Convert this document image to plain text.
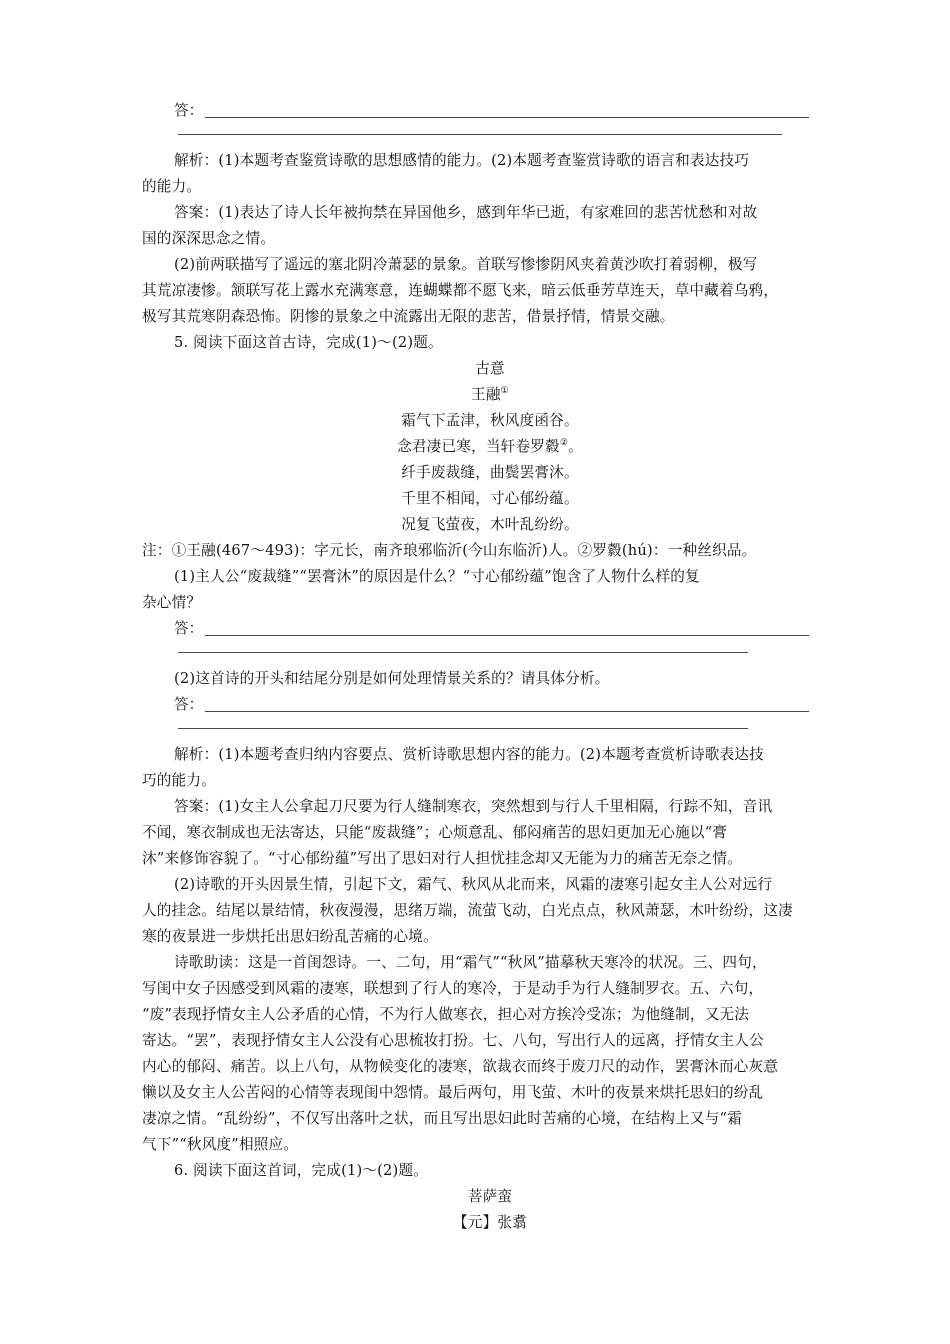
答：
解析：(1)本题考查鉴赏诗歌的思想感情的能力。(2)本题考查鉴赏诗歌的语言和表达技巧
的能力。
答案：(1)表达了诗人长年被拘禁在异国他乡，感到年华已逝，有家难回的悲苦忧愁和对故
国的深深思念之情。
(2)前两联描写了遥远的塞北阴冷萧瑟的景象。首联写惨惨阴风夹着黄沙吹打着弱柳，极写
其荒凉凄惨。颔联写花上露水充满寒意，连蝴蝶都不愿飞来，暗云低垂芳草连天，草中藏着乌鸦，
极写其荒寒阴森恐怖。阴惨的景象之中流露出无限的悲苦，借景抒情，情景交融。
5. 阅读下面这首古诗，完成(1)～(2)题。
古意
王融①
霜气下孟津，秋风度函谷。
念君凄已寒，当轩卷罗縠②。
纤手废裁缝，曲鬓罢膏沐。
千里不相闻，寸心郁纷蕴。
况复飞萤夜，木叶乱纷纷。
注：①王融(467～493)：字元长，南齐琅邪临沂(今山东临沂)人。②罗縠(hú)：一种丝织品。
(1)主人公“废裁缝”“罢膏沐”的原因是什么？“寸心郁纷蕴”饱含了人物什么样的复
杂心情？
答：
(2)这首诗的开头和结尾分别是如何处理情景关系的？请具体分析。
答：
解析：(1)本题考查归纳内容要点、赏析诗歌思想内容的能力。(2)本题考查赏析诗歌表达技
巧的能力。
答案：(1)女主人公拿起刀尺要为行人缝制寒衣，突然想到与行人千里相隔，行踪不知，音讯
不闻，寒衣制成也无法寄达，只能“废裁缝”；心烦意乱、郁闷痛苦的思妇更加无心施以“膏
沐”来修饰容貌了。“寸心郁纷蕴”写出了思妇对行人担忧挂念却又无能为力的痛苦无奈之情。
(2)诗歌的开头因景生情，引起下文，霜气、秋风从北而来，风霜的凄寒引起女主人公对远行
人的挂念。结尾以景结情，秋夜漫漫，思绪万端，流萤飞动，白光点点，秋风萧瑟，木叶纷纷，这凄
寒的夜景进一步烘托出思妇纷乱苦痛的心境。
诗歌助读：这是一首闺怨诗。一、二句，用“霜气”“秋风”描摹秋天寒冷的状况。三、四句，
写闺中女子因感受到风霜的凄寒，联想到了行人的寒冷，于是动手为行人缝制罗衣。五、六句，
“废”表现抒情女主人公矛盾的心情，不为行人做寒衣，担心对方挨冷受冻；为他缝制，又无法
寄达。“罢”，表现抒情女主人公没有心思梳妆打扮。七、八句，写出行人的远离，抒情女主人公
内心的郁闷、痛苦。以上八句，从物候变化的凄寒，欲裁衣而终于废刀尺的动作，罢膏沐而心灰意
懒以及女主人公苦闷的心情等表现闺中怨情。最后两句，用飞萤、木叶的夜景来烘托思妇的纷乱
凄凉之情。“乱纷纷”，不仅写出落叶之状，而且写出思妇此时苦痛的心境，在结构上又与“霜
气下”“秋风度”相照应。
6. 阅读下面这首词，完成(1)～(2)题。
菩萨蛮
【元】张翥
